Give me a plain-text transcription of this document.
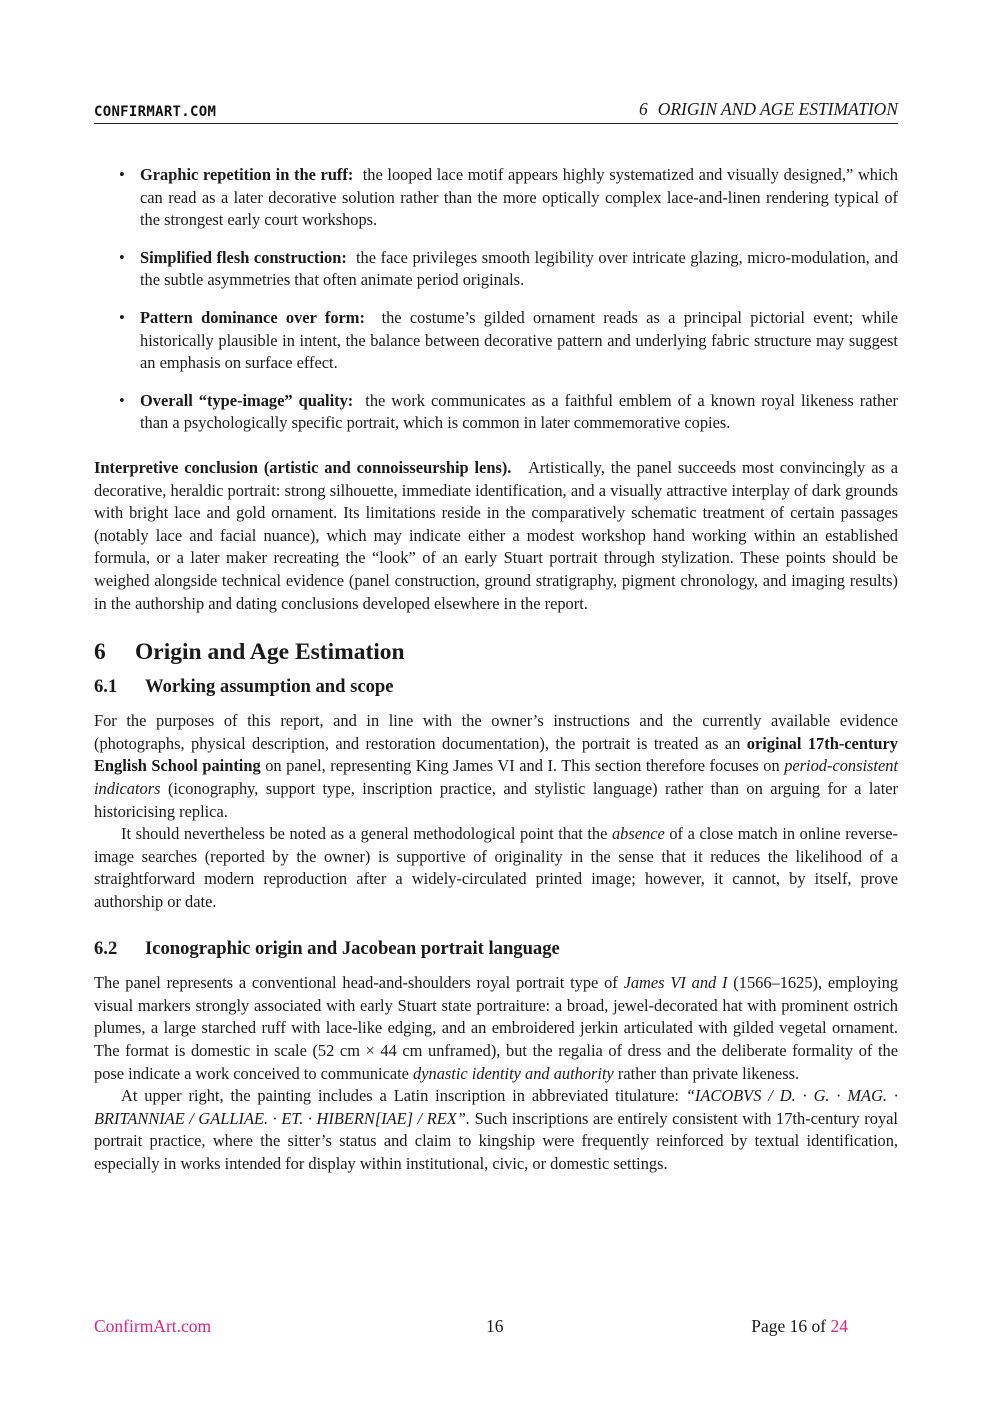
CONFIRMART.COM	6 ORIGIN AND AGE ESTIMATION
• Graphic repetition in the ruff: the looped lace motif appears highly systematized and visually designed,” which can read as a later decorative solution rather than the more optically complex lace-and-linen rendering typical of the strongest early court workshops.
• Simplified flesh construction: the face privileges smooth legibility over intricate glazing, micro-modulation, and the subtle asymmetries that often animate period originals.
• Pattern dominance over form: the costume’s gilded ornament reads as a principal pictorial event; while historically plausible in intent, the balance between decorative pattern and underlying fabric structure may suggest an emphasis on surface effect.
• Overall “type-image” quality: the work communicates as a faithful emblem of a known royal likeness rather than a psychologically specific portrait, which is common in later commemorative copies.

Interpretive conclusion (artistic and connoisseurship lens). Artistically, the panel succeeds most convincingly as a decorative, heraldic portrait: strong silhouette, immediate identification, and a visually attractive interplay of dark grounds with bright lace and gold ornament. Its limitations reside in the comparatively schematic treatment of certain passages (notably lace and facial nuance), which may indicate either a modest workshop hand working within an established formula, or a later maker recreating the “look” of an early Stuart portrait through stylization. These points should be weighed alongside technical evidence (panel construction, ground stratigraphy, pigment chronology, and imaging results) in the authorship and dating conclusions developed elsewhere in the report.

6 Origin and Age Estimation
6.1 Working assumption and scope

For the purposes of this report, and in line with the owner’s instructions and the currently available evidence (photographs, physical description, and restoration documentation), the portrait is treated as an original 17th-century English School painting on panel, representing King James VI and I. This section therefore focuses on period-consistent indicators (iconography, support type, inscription practice, and stylistic language) rather than on arguing for a later historicising replica.

It should nevertheless be noted as a general methodological point that the absence of a close match in online reverse-image searches (reported by the owner) is supportive of originality in the sense that it reduces the likelihood of a straightforward modern reproduction after a widely-circulated printed image; however, it cannot, by itself, prove authorship or date.

6.2 Iconographic origin and Jacobean portrait language

The panel represents a conventional head-and-shoulders royal portrait type of James VI and I (1566–1625), employing visual markers strongly associated with early Stuart state portraiture: a broad, jewel-decorated hat with prominent ostrich plumes, a large starched ruff with lace-like edging, and an embroidered jerkin articulated with gilded vegetal ornament. The format is domestic in scale (52 cm × 44 cm unframed), but the regalia of dress and the deliberate formality of the pose indicate a work conceived to communicate dynastic identity and authority rather than private likeness.

At upper right, the painting includes a Latin inscription in abbreviated titulature: “IACOBVS / D. · G. · MAG. · BRITANNIAE / GALLIAE. · ET. · HIBERN[IAE] / REX”. Such inscriptions are entirely consistent with 17th-century royal portrait practice, where the sitter’s status and claim to kingship were frequently reinforced by textual identification, especially in works intended for display within institutional, civic, or domestic settings.

ConfirmArt.com	16	Page 16 of 24
